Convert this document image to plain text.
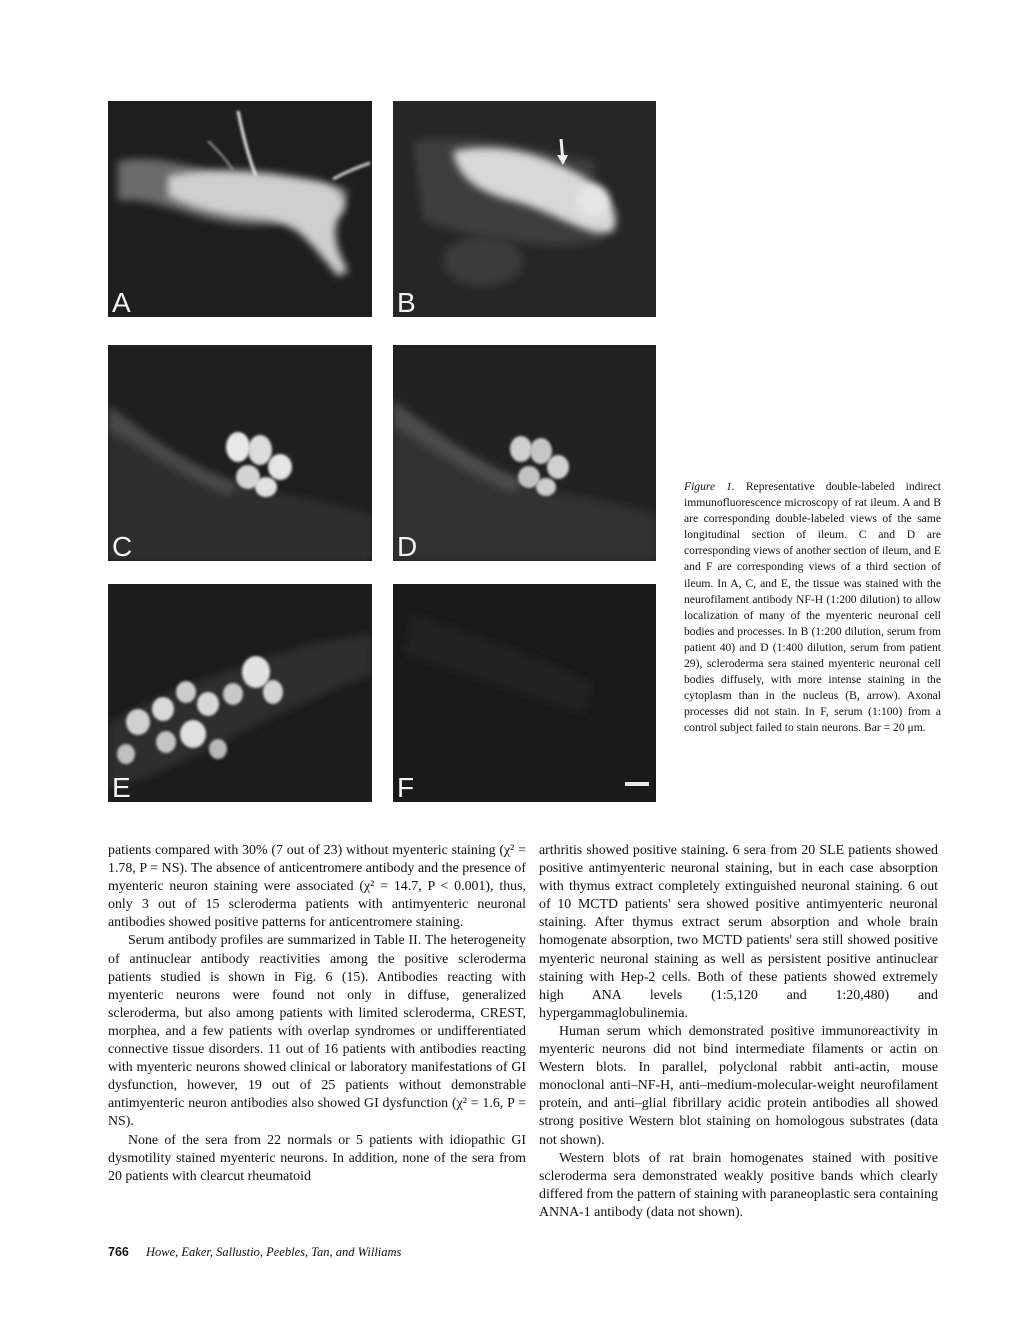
A	B
C	D
E	F
Figure 1. Representative double-labeled indirect immunofluorescence microscopy of rat ileum. A and B are corresponding double-labeled views of the same longitudinal section of ileum. C and D are corresponding views of another section of ileum, and E and F are corresponding views of a third section of ileum. In A, C, and E, the tissue was stained with the neurofilament antibody NF-H (1:200 dilution) to allow localization of many of the myenteric neuronal cell bodies and processes. In B (1:200 dilution, serum from patient 40) and D (1:400 dilution, serum from patient 29), scleroderma sera stained myenteric neuronal cell bodies diffusely, with more intense staining in the cytoplasm than in the nucleus (B, arrow). Axonal processes did not stain. In F, serum (1:100) from a control subject failed to stain neurons. Bar = 20 μm.

patients compared with 30% (7 out of 23) without myenteric staining (χ² = 1.78, P = NS). The absence of anticentromere antibody and the presence of myenteric neuron staining were associated (χ² = 14.7, P < 0.001), thus, only 3 out of 15 scleroderma patients with antimyenteric neuronal antibodies showed positive patterns for anticentromere staining.

Serum antibody profiles are summarized in Table II. The heterogeneity of antinuclear antibody reactivities among the positive scleroderma patients studied is shown in Fig. 6 (15). Antibodies reacting with myenteric neurons were found not only in diffuse, generalized scleroderma, but also among patients with limited scleroderma, CREST, morphea, and a few patients with overlap syndromes or undifferentiated connective tissue disorders. 11 out of 16 patients with antibodies reacting with myenteric neurons showed clinical or laboratory manifestations of GI dysfunction, however, 19 out of 25 patients without demonstrable antimyenteric neuron antibodies also showed GI dysfunction (χ² = 1.6, P = NS).

None of the sera from 22 normals or 5 patients with idiopathic GI dysmotility stained myenteric neurons. In addition, none of the sera from 20 patients with clearcut rheumatoid

arthritis showed positive staining. 6 sera from 20 SLE patients showed positive antimyenteric neuronal staining, but in each case absorption with thymus extract completely extinguished neuronal staining. 6 out of 10 MCTD patients' sera showed positive antimyenteric neuronal staining. After thymus extract serum absorption and whole brain homogenate absorption, two MCTD patients' sera still showed positive myenteric neuronal staining as well as persistent positive antinuclear staining with Hep-2 cells. Both of these patients showed extremely high ANA levels (1:5,120 and 1:20,480) and hypergammaglobulinemia.

Human serum which demonstrated positive immunoreactivity in myenteric neurons did not bind intermediate filaments or actin on Western blots. In parallel, polyclonal rabbit anti-actin, mouse monoclonal anti–NF-H, anti–medium-molecular-weight neurofilament protein, and anti–glial fibrillary acidic protein antibodies all showed strong positive Western blot staining on homologous substrates (data not shown).

Western blots of rat brain homogenates stained with positive scleroderma sera demonstrated weakly positive bands which clearly differed from the pattern of staining with paraneoplastic sera containing ANNA-1 antibody (data not shown).

766 Howe, Eaker, Sallustio, Peebles, Tan, and Williams
